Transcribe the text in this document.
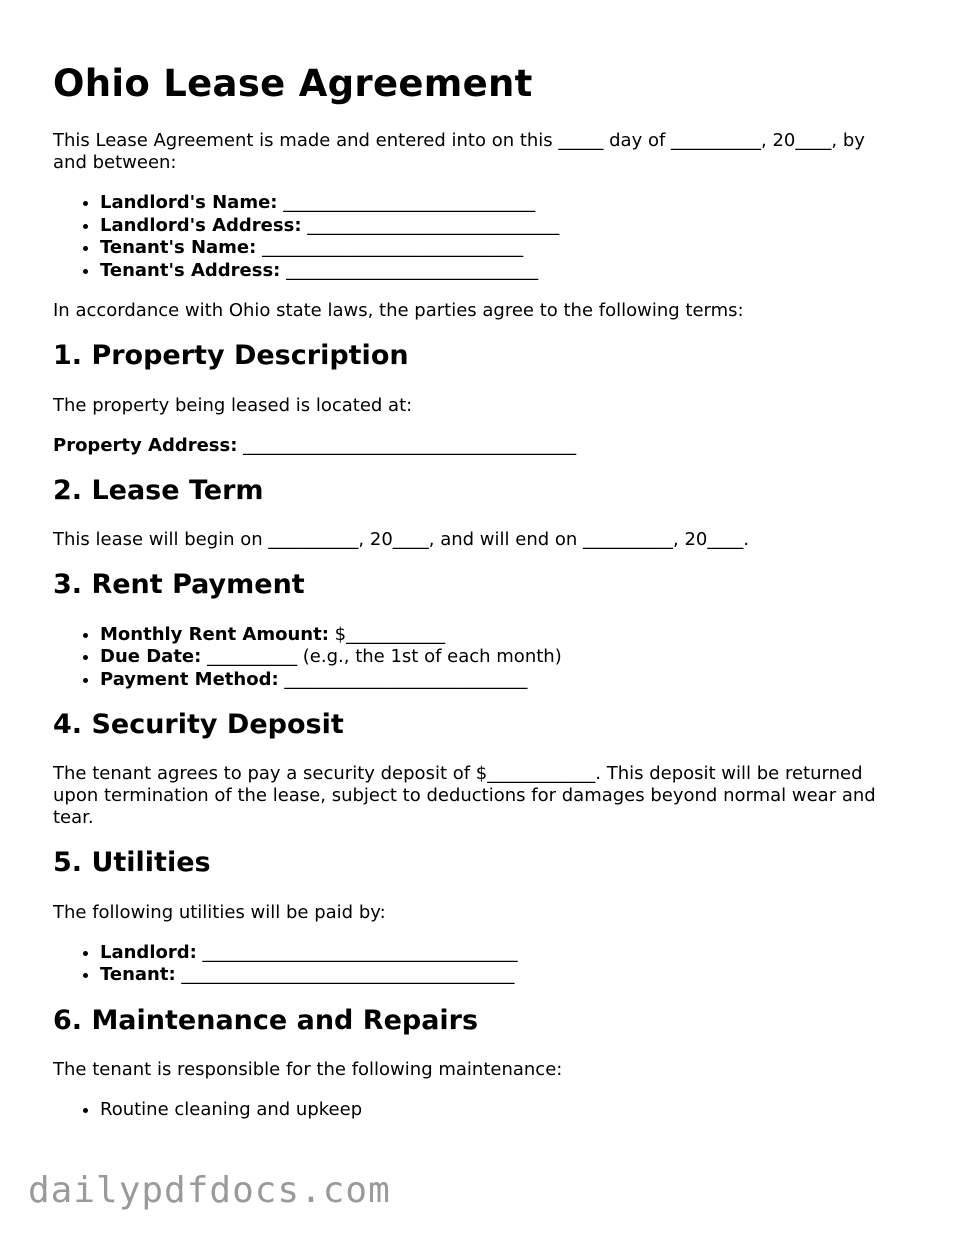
Ohio Lease Agreement

This Lease Agreement is made and entered into on this _____ day of __________, 20____, by and between:

• Landlord's Name: ____________________________
• Landlord's Address: ____________________________
• Tenant's Name: _____________________________
• Tenant's Address: ____________________________

In accordance with Ohio state laws, the parties agree to the following terms:

1. Property Description

The property being leased is located at:

Property Address: _____________________________________

2. Lease Term

This lease will begin on __________, 20____, and will end on __________, 20____.

3. Rent Payment
• Monthly Rent Amount: $___________
• Due Date: __________ (e.g., the 1st of each month)
• Payment Method: ___________________________
4. Security Deposit

The tenant agrees to pay a security deposit of $____________. This deposit will be returned upon termination of the lease, subject to deductions for damages beyond normal wear and tear.

5. Utilities

The following utilities will be paid by:

• Landlord: ___________________________________
• Tenant: _____________________________________
6. Maintenance and Repairs

The tenant is responsible for the following maintenance:

• Routine cleaning and upkeep
dailypdfdocs.com
